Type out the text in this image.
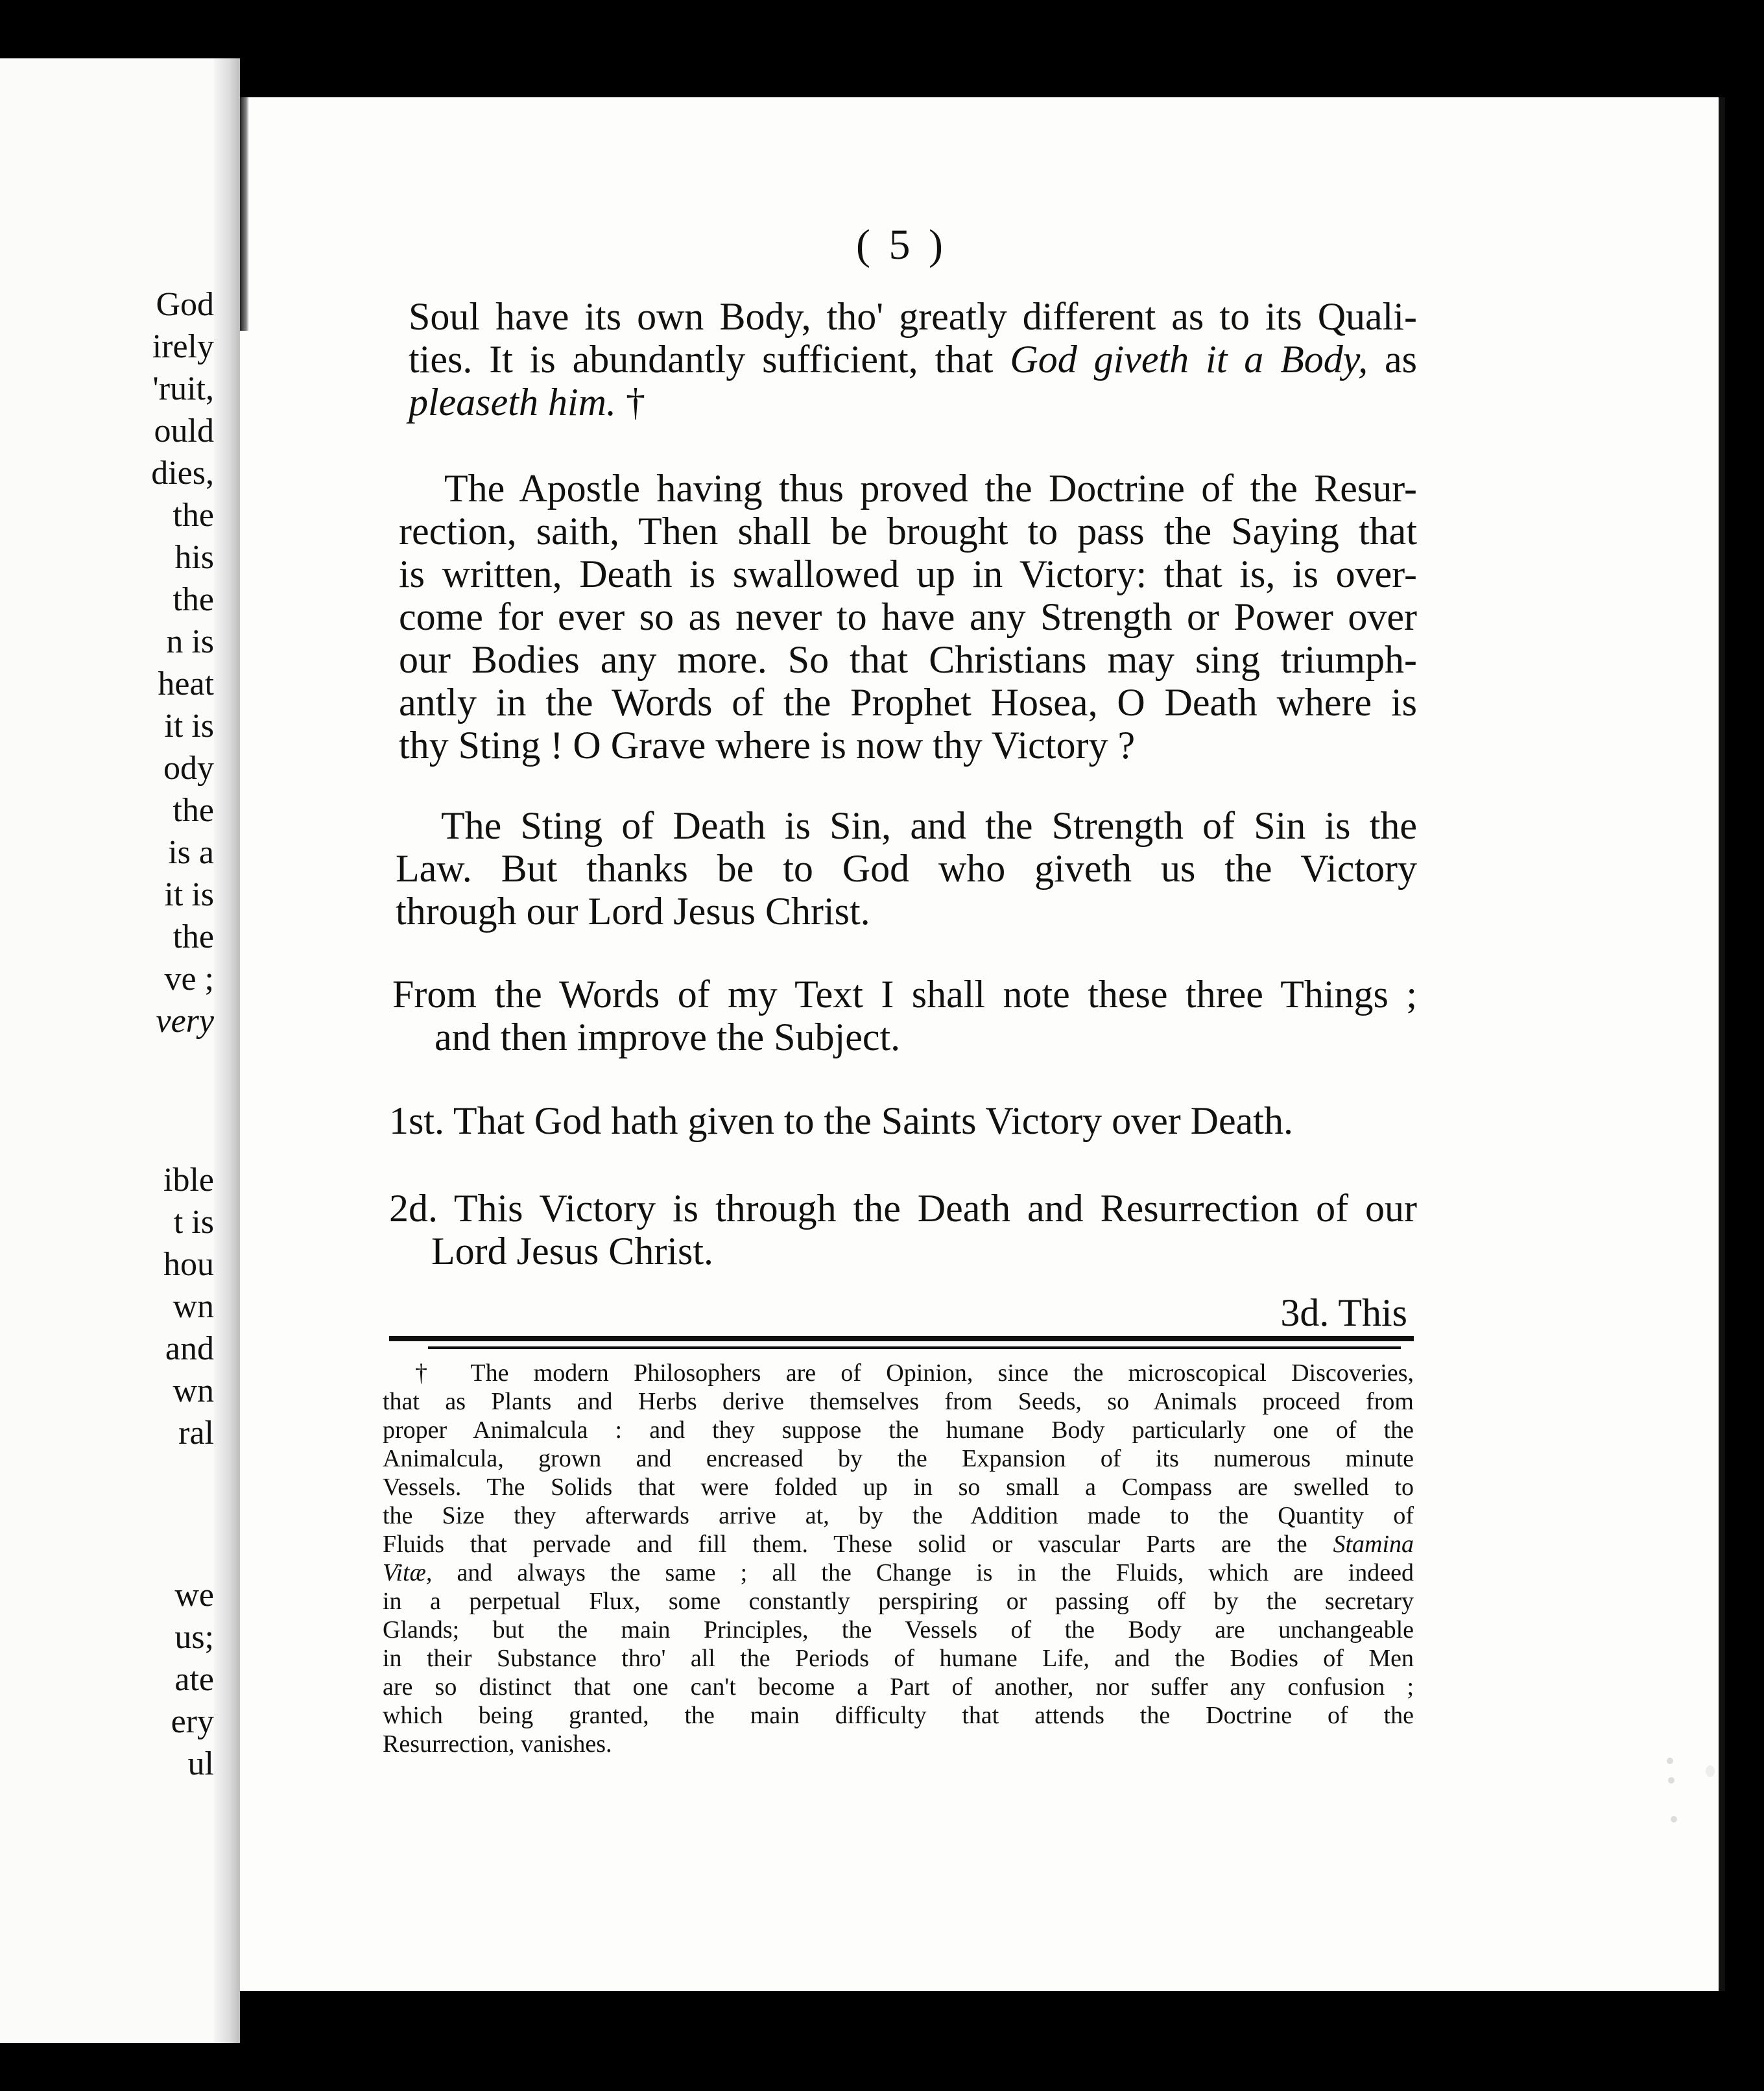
God
irely
'ruit,
ould
dies,
the
his
the
n is
heat
it is
ody
the
is a
it is
the
ve ;
very
ible
t is
hou
wn
and
wn
ral
we
us;
ate
ery
ul
( 5 )
Soul have its own Body, tho' greatly different as to its Quali-
ties. It is abundantly sufficient, that God giveth it a Body, as
pleaseth him. †
The Apostle having thus proved the Doctrine of the Resur-
rection, saith, Then shall be brought to pass the Saying that
is written, Death is swallowed up in Victory: that is, is over-
come for ever so as never to have any Strength or Power over
our Bodies any more. So that Christians may sing triumph-
antly in the Words of the Prophet Hosea, O Death where is
thy Sting ! O Grave where is now thy Victory ?
The Sting of Death is Sin, and the Strength of Sin is the
Law. But thanks be to God who giveth us the Victory
through our Lord Jesus Christ.
From the Words of my Text I shall note these three Things ;
and then improve the Subject.
1st. That God hath given to the Saints Victory over Death.
2d. This Victory is through the Death and Resurrection of our
Lord Jesus Christ.
3d. This
† The modern Philosophers are of Opinion, since the microscopical Discoveries,
that as Plants and Herbs derive themselves from Seeds, so Animals proceed from
proper Animalcula : and they suppose the humane Body particularly one of the
Animalcula, grown and encreased by the Expansion of its numerous minute
Vessels. The Solids that were folded up in so small a Compass are swelled to
the Size they afterwards arrive at, by the Addition made to the Quantity of
Fluids that pervade and fill them. These solid or vascular Parts are the Stamina
Vitæ, and always the same ; all the Change is in the Fluids, which are indeed
in a perpetual Flux, some constantly perspiring or passing off by the secretary
Glands; but the main Principles, the Vessels of the Body are unchangeable
in their Substance thro' all the Periods of humane Life, and the Bodies of Men
are so distinct that one can't become a Part of another, nor suffer any confusion ;
which being granted, the main difficulty that attends the Doctrine of the
Resurrection, vanishes.
